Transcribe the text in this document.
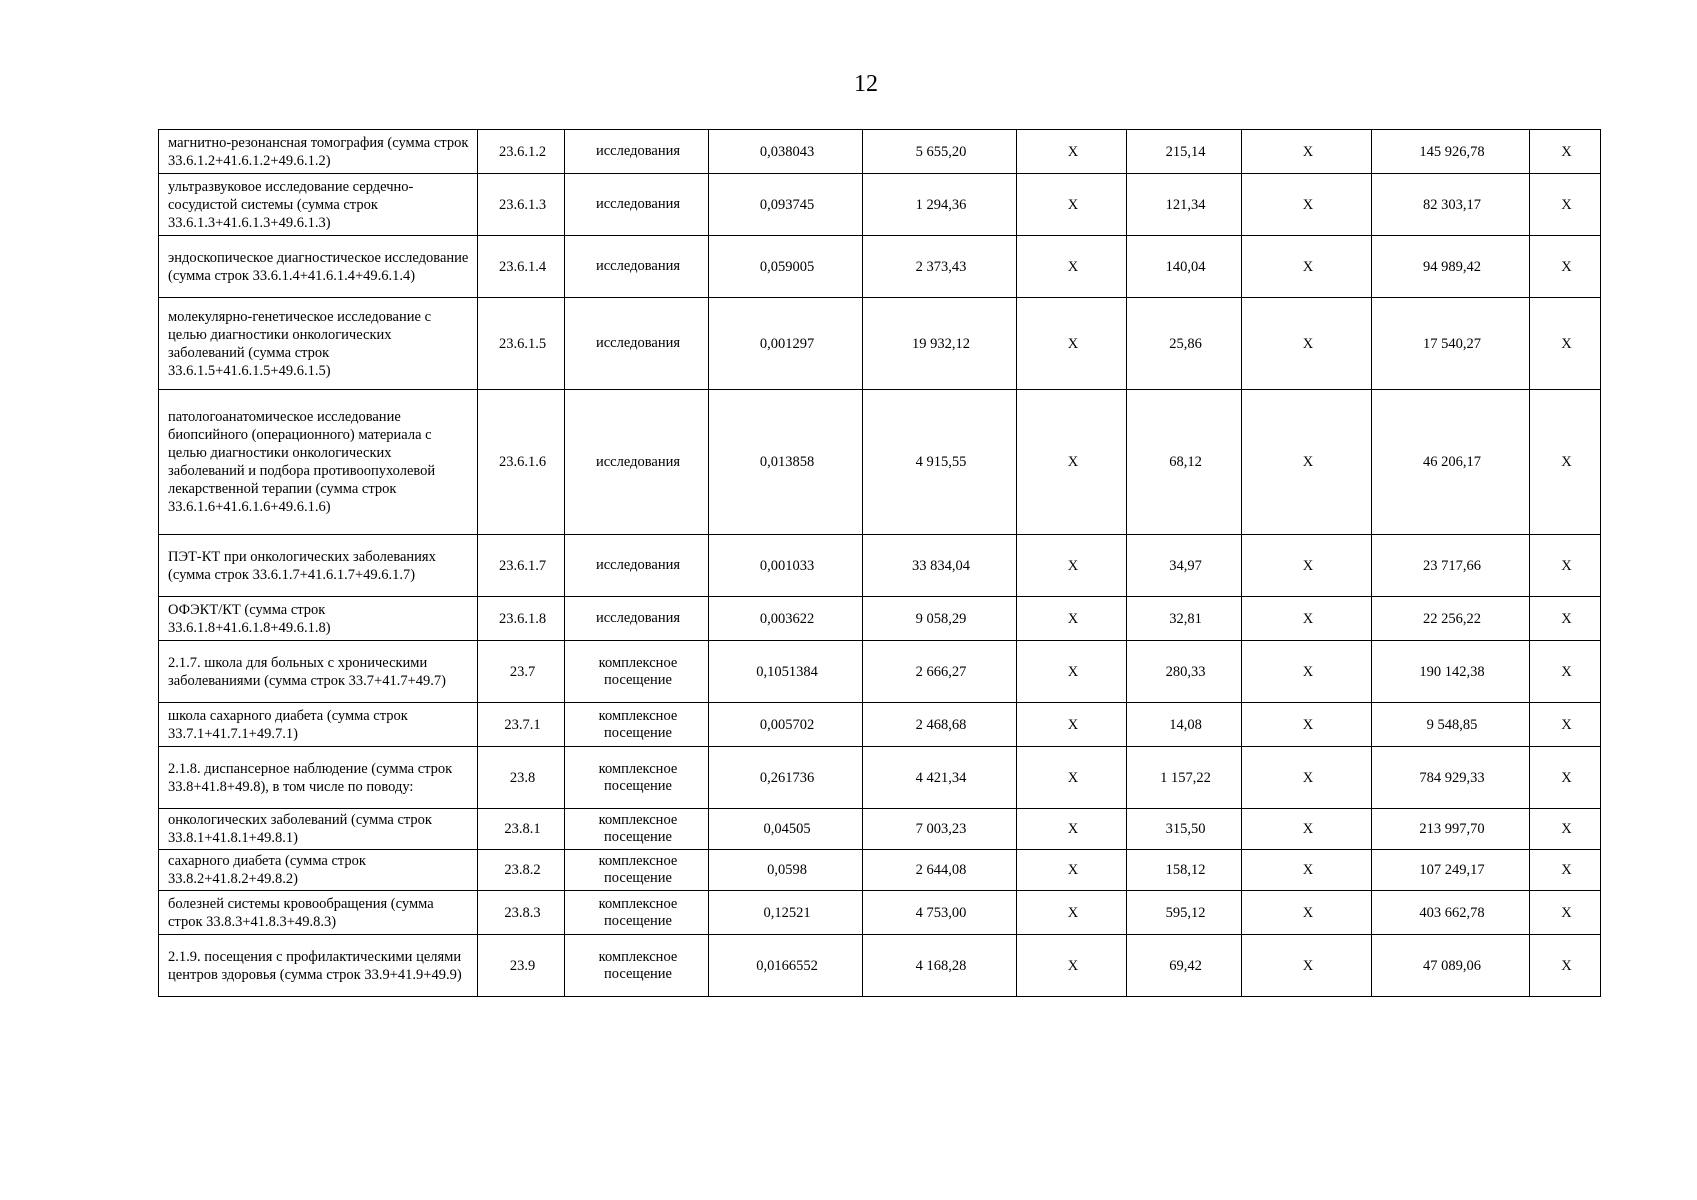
12
магнитно-резонансная томография (сумма строк 33.6.1.2+41.6.1.2+49.6.1.2)	23.6.1.2	исследования	0,038043	5 655,20	Х	215,14	Х	145 926,78	Х
ультразвуковое исследование сердечно-сосудистой системы (сумма строк 33.6.1.3+41.6.1.3+49.6.1.3)	23.6.1.3	исследования	0,093745	1 294,36	Х	121,34	Х	82 303,17	Х
эндоскопическое диагностическое исследование (сумма строк 33.6.1.4+41.6.1.4+49.6.1.4)	23.6.1.4	исследования	0,059005	2 373,43	Х	140,04	Х	94 989,42	Х
молекулярно-генетическое исследование с целью диагностики онкологических заболеваний (сумма строк 33.6.1.5+41.6.1.5+49.6.1.5)	23.6.1.5	исследования	0,001297	19 932,12	Х	25,86	Х	17 540,27	Х
патологоанатомическое исследование биопсийного (операционного) материала с целью диагностики онкологических заболеваний и подбора противоопухолевой лекарственной терапии (сумма строк 33.6.1.6+41.6.1.6+49.6.1.6)	23.6.1.6	исследования	0,013858	4 915,55	Х	68,12	Х	46 206,17	Х
ПЭТ-КТ при онкологических заболеваниях (сумма строк 33.6.1.7+41.6.1.7+49.6.1.7)	23.6.1.7	исследования	0,001033	33 834,04	Х	34,97	Х	23 717,66	Х
ОФЭКТ/КТ (сумма строк 33.6.1.8+41.6.1.8+49.6.1.8)	23.6.1.8	исследования	0,003622	9 058,29	Х	32,81	Х	22 256,22	Х
2.1.7. школа для больных с хроническими заболеваниями (сумма строк 33.7+41.7+49.7)	23.7	комплексное посещение	0,1051384	2 666,27	Х	280,33	Х	190 142,38	Х
школа сахарного диабета (сумма строк 33.7.1+41.7.1+49.7.1)	23.7.1	комплексное посещение	0,005702	2 468,68	Х	14,08	Х	9 548,85	Х
2.1.8. диспансерное наблюдение (сумма строк 33.8+41.8+49.8), в том числе по поводу:	23.8	комплексное посещение	0,261736	4 421,34	Х	1 157,22	Х	784 929,33	Х
онкологических заболеваний (сумма строк 33.8.1+41.8.1+49.8.1)	23.8.1	комплексное посещение	0,04505	7 003,23	Х	315,50	Х	213 997,70	Х
сахарного диабета (сумма строк 33.8.2+41.8.2+49.8.2)	23.8.2	комплексное посещение	0,0598	2 644,08	Х	158,12	Х	107 249,17	Х
болезней системы кровообращения (сумма строк 33.8.3+41.8.3+49.8.3)	23.8.3	комплексное посещение	0,12521	4 753,00	Х	595,12	Х	403 662,78	Х
2.1.9. посещения с профилактическими целями центров здоровья (сумма строк 33.9+41.9+49.9)	23.9	комплексное посещение	0,0166552	4 168,28	Х	69,42	Х	47 089,06	Х
